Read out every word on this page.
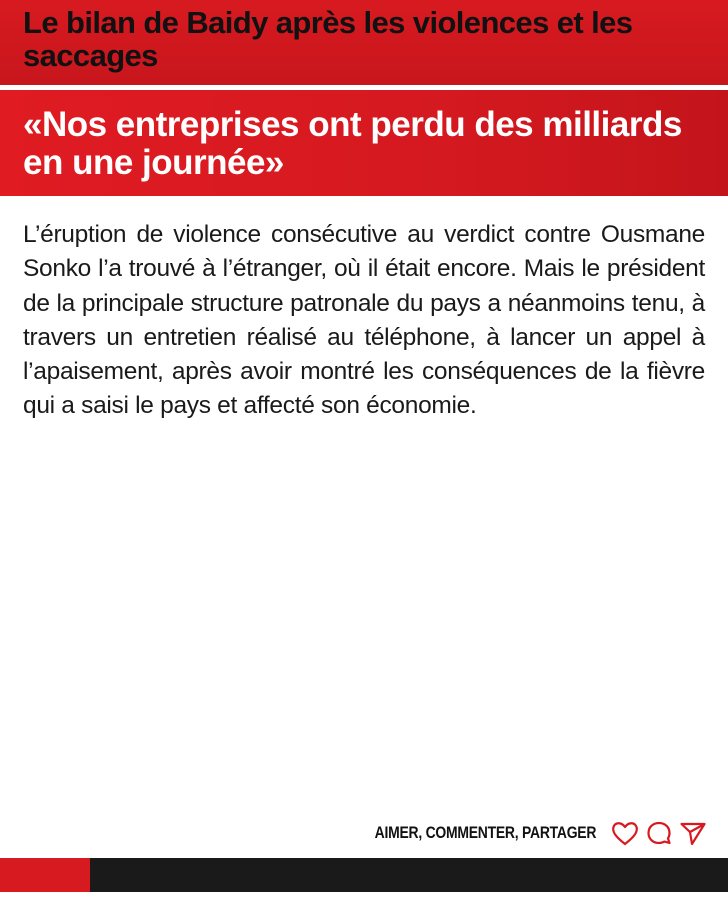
Le bilan de Baidy après les violences et les saccages
«Nos entreprises ont perdu des milliards en une journée»

L’éruption de violence consécutive au verdict contre Ousmane Sonko l’a trouvé à l’étranger, où il était encore. Mais le président de la principale structure patronale du pays a néanmoins tenu, à travers un entretien réalisé au téléphone, à lancer un appel à l’apaisement, après avoir montré les conséquences de la fièvre qui a saisi le pays et affecté son économie.

AIMER, COMMENTER, PARTAGER
